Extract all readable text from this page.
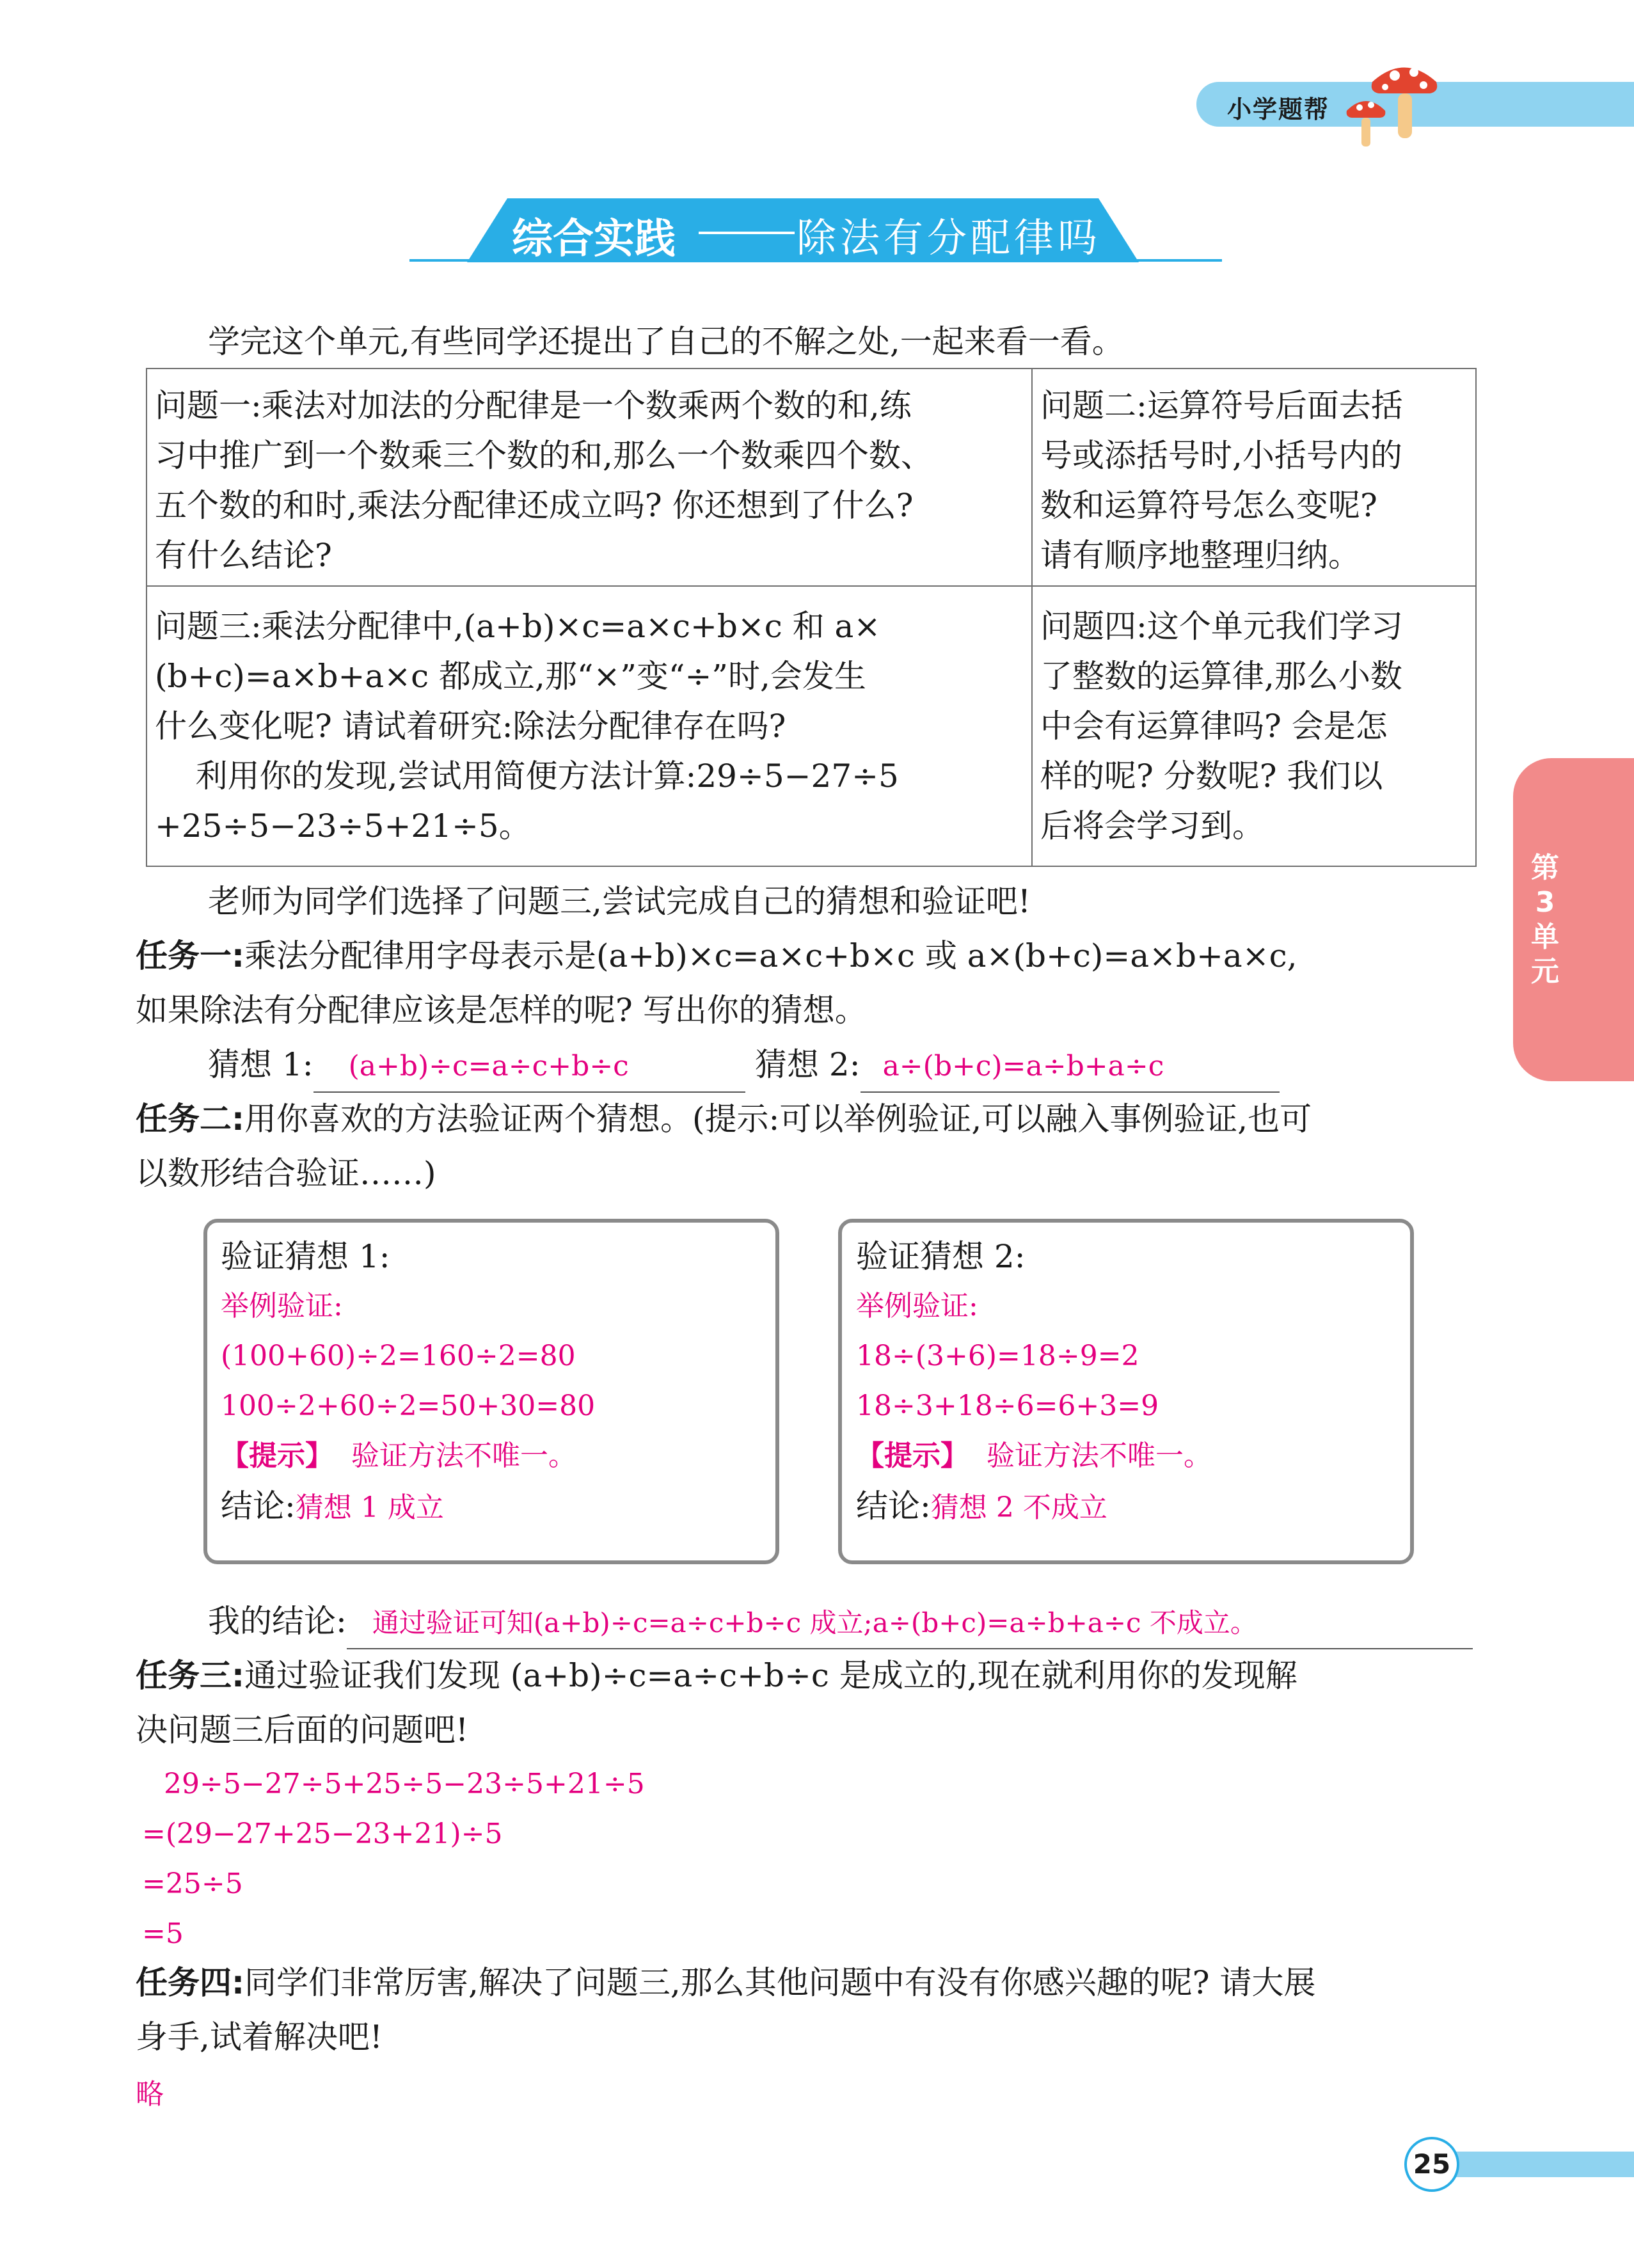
小学题帮
综合实践	除法有分配律吗
学完这个单元,有些同学还提出了自己的不解之处,一起来看一看。
问题一:乘法对加法的分配律是一个数乘两个数的和,练
习中推广到一个数乘三个数的和,那么一个数乘四个数、
五个数的和时,乘法分配律还成立吗? 你还想到了什么?
有什么结论?
问题二:运算符号后面去括
号或添括号时,小括号内的
数和运算符号怎么变呢?
请有顺序地整理归纳。
问题三:乘法分配律中,(a+b)×c=a×c+b×c 和 a×
(b+c)=a×b+a×c 都成立,那“×”变“÷”时,会发生
什么变化呢? 请试着研究:除法分配律存在吗?
利用你的发现,尝试用简便方法计算:29÷5−27÷5
+25÷5−23÷5+21÷5。
问题四:这个单元我们学习
了整数的运算律,那么小数
中会有运算律吗? 会是怎
样的呢? 分数呢? 我们以
后将会学习到。
老师为同学们选择了问题三,尝试完成自己的猜想和验证吧!
任务一:乘法分配律用字母表示是(a+b)×c=a×c+b×c 或 a×(b+c)=a×b+a×c,
如果除法有分配律应该是怎样的呢? 写出你的猜想。
猜想 1: (a+b)÷c=a÷c+b÷c	猜想 2: a÷(b+c)=a÷b+a÷c
任务二:用你喜欢的方法验证两个猜想。(提示:可以举例验证,可以融入事例验证,也可
以数形结合验证……)
验证猜想 1:
举例验证:
(100+60)÷2=160÷2=80
100÷2+60÷2=50+30=80
【提示】 验证方法不唯一。
结论:猜想 1 成立
验证猜想 2:
举例验证:
18÷(3+6)=18÷9=2
18÷3+18÷6=6+3=9
【提示】 验证方法不唯一。
结论:猜想 2 不成立
我的结论: 通过验证可知(a+b)÷c=a÷c+b÷c 成立;a÷(b+c)=a÷b+a÷c 不成立。
任务三:通过验证我们发现 (a+b)÷c=a÷c+b÷c 是成立的,现在就利用你的发现解
决问题三后面的问题吧!
29÷5−27÷5+25÷5−23÷5+21÷5
=(29−27+25−23+21)÷5
=25÷5
=5
任务四:同学们非常厉害,解决了问题三,那么其他问题中有没有你感兴趣的呢? 请大展
身手,试着解决吧!
略
第3单元
25
